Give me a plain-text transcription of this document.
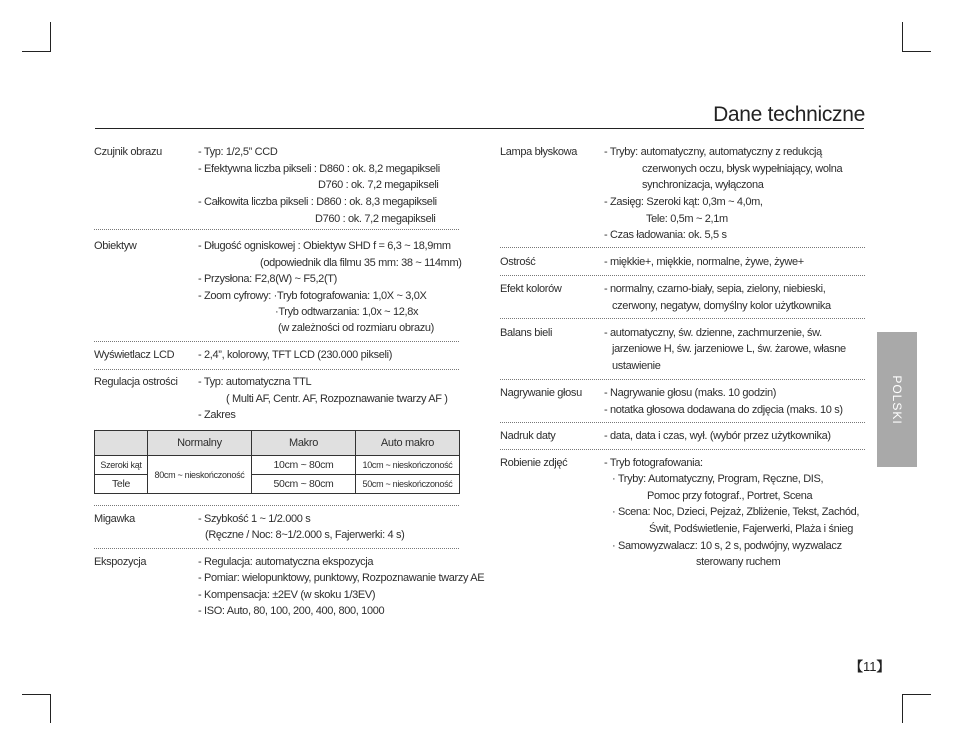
Dane techniczne
Czujnik obrazu	- Typ: 1/2,5” CCD
- Efektywna liczba pikseli : D860 : ok. 8,2 megapikseli
D760 : ok. 7,2 megapikseli
- Całkowita liczba pikseli : D860 : ok. 8,3 megapikseli
D760 : ok. 7,2 megapikseli
Obiektyw	- Długość ogniskowej : Obiektyw SHD f = 6,3 ~ 18,9mm
(odpowiednik dla filmu 35 mm: 38 ~ 114mm)
- Przysłona: F2,8(W) ~ F5,2(T)
- Zoom cyfrowy: ·Tryb fotografowania: 1,0X ~ 3,0X
·Tryb odtwarzania: 1,0x ~ 12,8x
(w zależności od rozmiaru obrazu)
Wyświetlacz LCD - 2,4”, kolorowy, TFT LCD (230.000 pikseli)
Regulacja ostrości - Typ: automatyczna TTL
( Multi AF, Centr. AF, Rozpoznawanie twarzy AF )
- Zakres
	Normalny	Makro	Auto makro
Szeroki kąt	80cm ~ nieskończoność	10cm ~ 80cm	10cm ~ nieskończoność
Tele		50cm ~ 80cm	50cm ~ nieskończoność
Migawka	- Szybkość 1 ~ 1/2.000 s
(Ręczne / Noc: 8~1/2.000 s, Fajerwerki: 4 s)
Ekspozycja	- Regulacja: automatyczna ekspozycja
- Pomiar: wielopunktowy, punktowy, Rozpoznawanie twarzy AE
- Kompensacja: ±2EV (w skoku 1/3EV)
- ISO: Auto, 80, 100, 200, 400, 800, 1000
Lampa błyskowa - Tryby: automatyczny, automatyczny z redukcją
czerwonych oczu, błysk wypełniający, wolna
synchronizacja, wyłączona
- Zasięg: Szeroki kąt: 0,3m ~ 4,0m,
Tele: 0,5m ~ 2,1m
- Czas ładowania: ok. 5,5 s
Ostrość	- miękkie+, miękkie, normalne, żywe, żywe+
Efekt kolorów	- normalny, czarno-biały, sepia, zielony, niebieski,
czerwony, negatyw, domyślny kolor użytkownika
Balans bieli	- automatyczny, św. dzienne, zachmurzenie, św.
jarzeniowe H, św. jarzeniowe L, św. żarowe, własne
ustawienie
Nagrywanie głosu - Nagrywanie głosu (maks. 10 godzin)
- notatka głosowa dodawana do zdjęcia (maks. 10 s)
Nadruk daty	- data, data i czas, wył. (wybór przez użytkownika)
Robienie zdjęć	- Tryb fotografowania:
· Tryby: Automatyczny, Program, Ręczne, DIS,
Pomoc przy fotograf., Portret, Scena
· Scena: Noc, Dzieci, Pejzaż, Zbliżenie, Tekst, Zachód,
Świt, Podświetlenie, Fajerwerki, Plaża i śnieg
· Samowyzwalacz: 10 s, 2 s, podwójny, wyzwalacz
sterowany ruchem
POLSKI
【11】
